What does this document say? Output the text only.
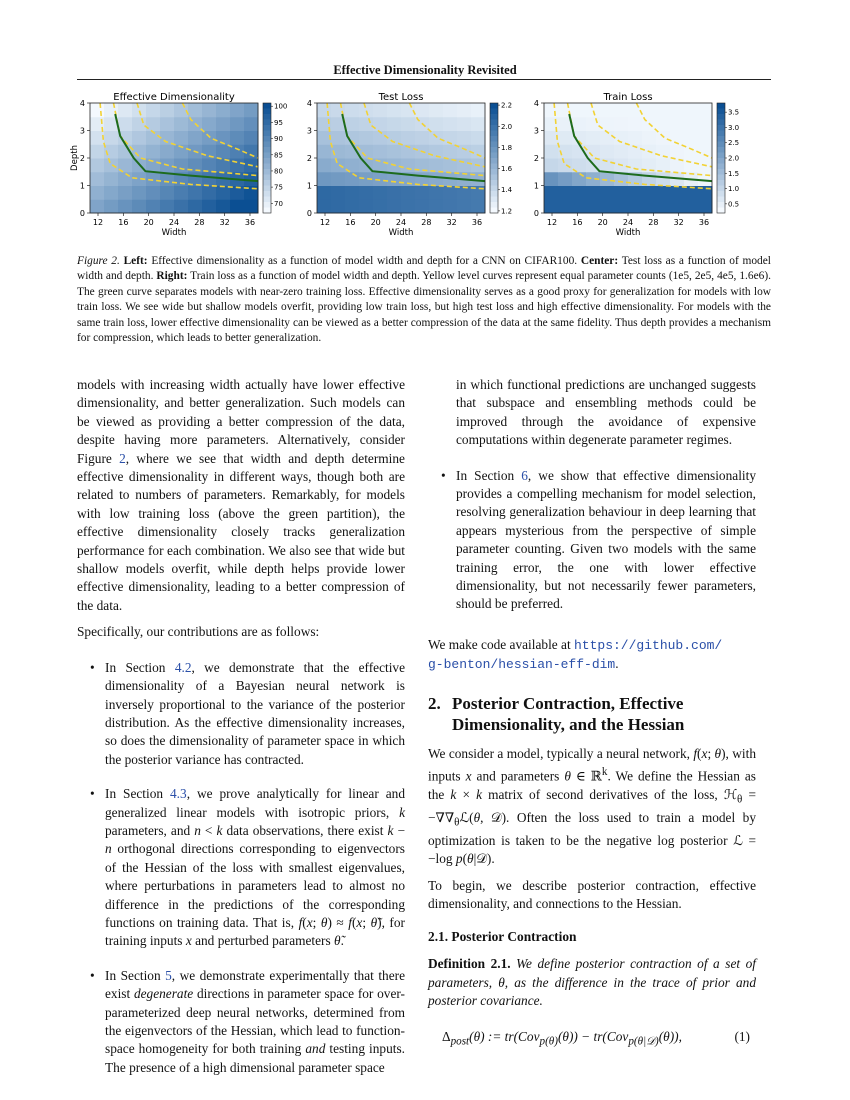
Effective Dimensionality Revisited
Effective Dimensionality
12 16 20 24 28 32 36
Width
0
1
2
3
4
Depth
100
95
90
85
80
75
70
Test Loss
12 16 20 24 28 32 36
Width
0
1
2
3
4	2.2
2.0
1.8
1.6
1.4
1.2
Train Loss
12 16 20 24 28 32 36
Width
0
1
2
3
4
3.5
3.0
2.5
2.0
1.5
1.0
0.5
Figure 2. Left: Effective dimensionality as a function of model width and depth for a CNN on CIFAR100. Center: Test loss as a function of model width and depth. Right: Train loss as a function of model width and depth. Yellow level curves represent equal parameter counts (1e5, 2e5, 4e5, 1.6e6). The green curve separates models with near-zero training loss. Effective dimensionality serves as a good proxy for generalization for models with low train loss. We see wide but shallow models overfit, providing low train loss, but high test loss and high effective dimensionality. For models with the same train loss, lower effective dimensionality can be viewed as a better compression of the data at the same fidelity. Thus depth provides a mechanism for compression, which leads to better generalization.

models with increasing width actually have lower effective dimensionality, and better generalization. Such models can be viewed as providing a better compression of the data, despite having more parameters. Alternatively, consider Figure 2, where we see that width and depth determine effective dimensionality in different ways, though both are related to numbers of parameters. Remarkably, for models with low training loss (above the green partition), the effective dimensionality closely tracks generalization performance for each combination. We also see that wide but shallow models overfit, while depth helps provide lower effective dimensionality, leading to a better compression of the data.

Specifically, our contributions are as follows:

• In Section 4.2, we demonstrate that the effective dimensionality of a Bayesian neural network is inversely proportional to the variance of the posterior distribution. As the effective dimensionality increases, so does the dimensionality of parameter space in which the posterior variance has contracted.
• In Section 4.3, we prove analytically for linear and generalized linear models with isotropic priors, k parameters, and n < k data observations, there exist k − n orthogonal directions corresponding to eigenvectors of the Hessian of the loss with smallest eigenvalues, where perturbations in parameters lead to almost no difference in the predictions of the corresponding functions on training data. That is, f(x; θ) ≈ f(x; θ̃), for training inputs x and perturbed parameters θ̃.
• In Section 5, we demonstrate experimentally that there exist degenerate directions in parameter space for over-parameterized deep neural networks, determined from the eigenvectors of the Hessian, which lead to function-space homogeneity for both training and testing inputs. The presence of a high dimensional parameter space
in which functional predictions are unchanged suggests that subspace and ensembling methods could be improved through the avoidance of expensive computations within degenerate parameter regimes.
• In Section 6, we show that effective dimensionality provides a compelling mechanism for model selection, resolving generalization behaviour in deep learning that appears mysterious from the perspective of simple parameter counting. Given two models with the same training error, the one with lower effective dimensionality, but not necessarily fewer parameters, should be preferred.

We make code available at https://github.com/
g-benton/hessian-eff-dim.

2. Posterior Contraction, Effective
Dimensionality, and the Hessian

We consider a model, typically a neural network, f(x; θ), with inputs x and parameters θ ∈ ℝ$^k$. We define the Hessian as the k × k matrix of second derivatives of the loss, ℋ$_\theta$ = $-\nabla\nabla_\theta ℒ(\theta$, 𝒟). Often the loss used to train a model by optimization is taken to be the negative log posterior ℒ = −log p(θ|𝒟).

To begin, we describe posterior contraction, effective dimensionality, and connections to the Hessian.

2.1. Posterior Contraction

Definition 2.1. We define posterior contraction of a set of parameters, θ, as the difference in the trace of prior and posterior covariance.

$\Delta_{post}(\theta)$ := tr(Cov$_{p(\theta)}$(θ)) − tr(Cov$_{p(\theta|𝒟)}$(θ)),	(1)
